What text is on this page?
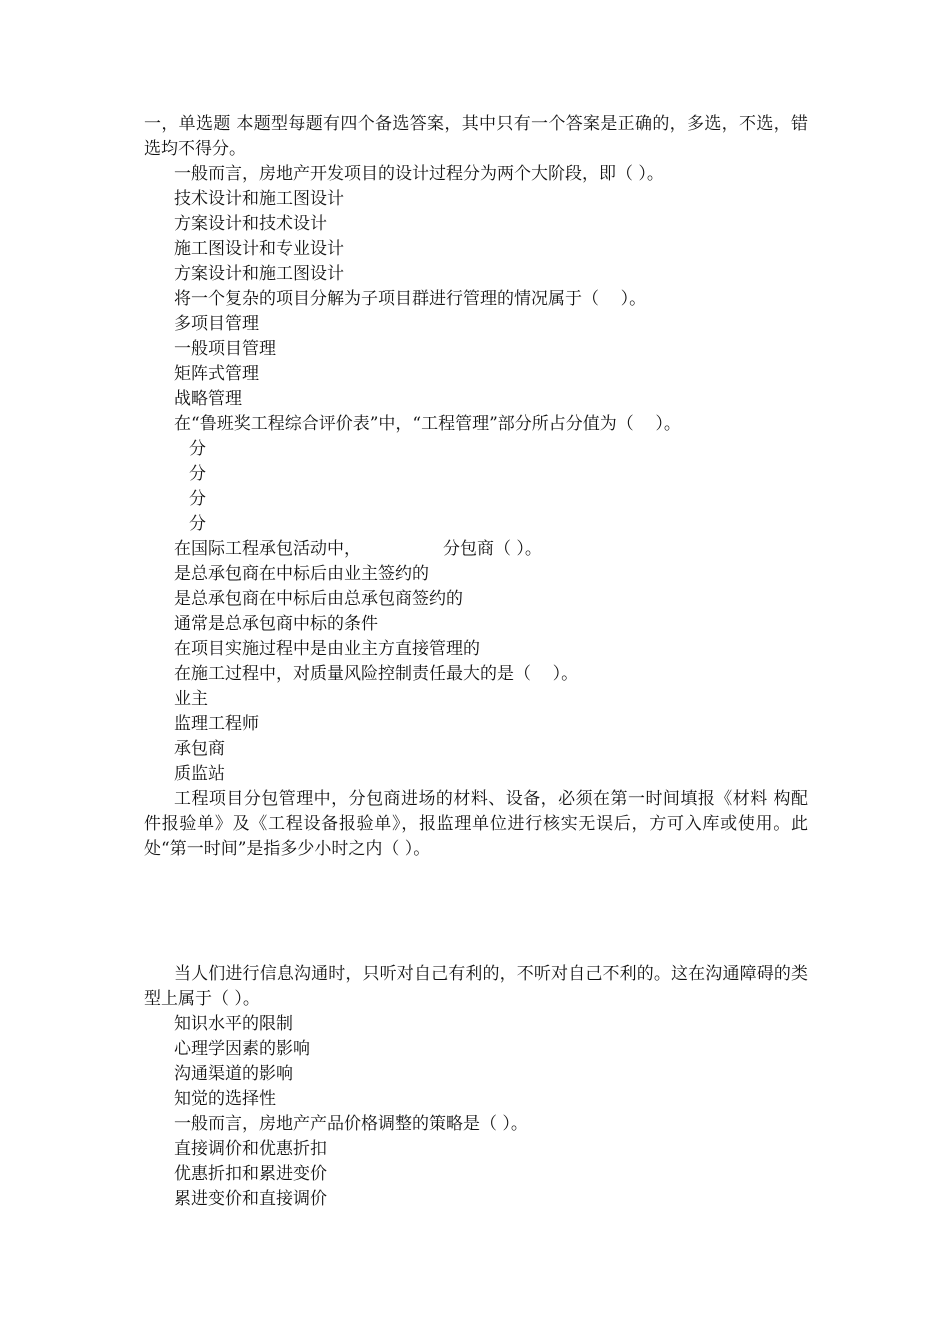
一，单选题 本题型每题有四个备选答案，其中只有一个答案是正确的，多选，不选，错选均不得分。

一般而言，房地产开发项目的设计过程分为两个大阶段，即（ ）。

技术设计和施工图设计

方案设计和技术设计

施工图设计和专业设计

方案设计和施工图设计

将一个复杂的项目分解为子项目群进行管理的情况属于（    ）。

多项目管理

一般项目管理

矩阵式管理

战略管理

在“鲁班奖工程综合评价表”中，“工程管理”部分所占分值为（    ）。

分

分

分

分

在国际工程承包活动中，	分包商（ ）。

是总承包商在中标后由业主签约的

是总承包商在中标后由总承包商签约的

通常是总承包商中标的条件

在项目实施过程中是由业主方直接管理的

在施工过程中，对质量风险控制责任最大的是（    ）。

业主

监理工程师

承包商

质监站

工程项目分包管理中，分包商进场的材料、设备，必须在第一时间填报《材料 构配件报验单》及《工程设备报验单》，报监理单位进行核实无误后，方可入库或使用。此处“第一时间”是指多少小时之内（ ）。

当人们进行信息沟通时，只听对自己有利的，不听对自己不利的。这在沟通障碍的类型上属于（ ）。

知识水平的限制

心理学因素的影响

沟通渠道的影响

知觉的选择性

一般而言，房地产产品价格调整的策略是（ ）。

直接调价和优惠折扣

优惠折扣和累进变价

累进变价和直接调价
